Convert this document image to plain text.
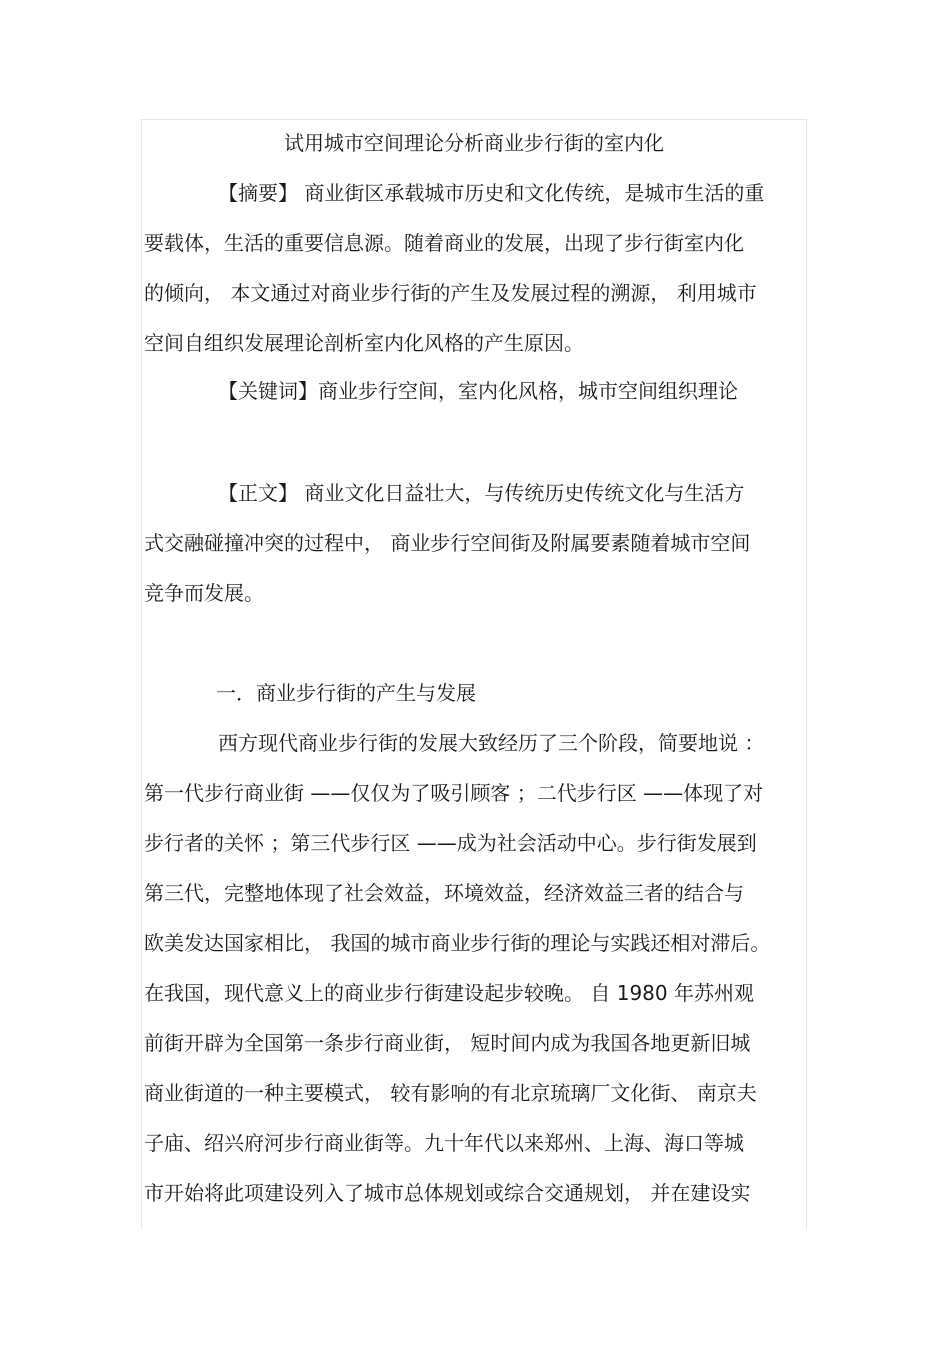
试用城市空间理论分析商业步行街的室内化
【摘要】 商业街区承载城市历史和文化传统，是城市生活的重
要载体，生活的重要信息源。随着商业的发展，出现了步行街室内化
的倾向， 本文通过对商业步行街的产生及发展过程的溯源， 利用城市
空间自组织发展理论剖析室内化风格的产生原因。
【关键词】商业步行空间，室内化风格，城市空间组织理论
【正文】 商业文化日益壮大，与传统历史传统文化与生活方
式交融碰撞冲突的过程中， 商业步行空间街及附属要素随着城市空间
竞争而发展。
一．商业步行街的产生与发展
西方现代商业步行街的发展大致经历了三个阶段，简要地说 ：
第一代步行商业街 ——仅仅为了吸引顾客 ；二代步行区 ——体现了对
步行者的关怀 ；第三代步行区 ——成为社会活动中心。步行街发展到
第三代，完整地体现了社会效益，环境效益，经济效益三者的结合与
欧美发达国家相比， 我国的城市商业步行街的理论与实践还相对滞后。
在我国，现代意义上的商业步行街建设起步较晚。 自 1980 年苏州观
前街开辟为全国第一条步行商业街， 短时间内成为我国各地更新旧城
商业街道的一种主要模式， 较有影响的有北京琉璃厂文化街、 南京夫
子庙、绍兴府河步行商业街等。九十年代以来郑州、上海、海口等城
市开始将此项建设列入了城市总体规划或综合交通规划， 并在建设实
